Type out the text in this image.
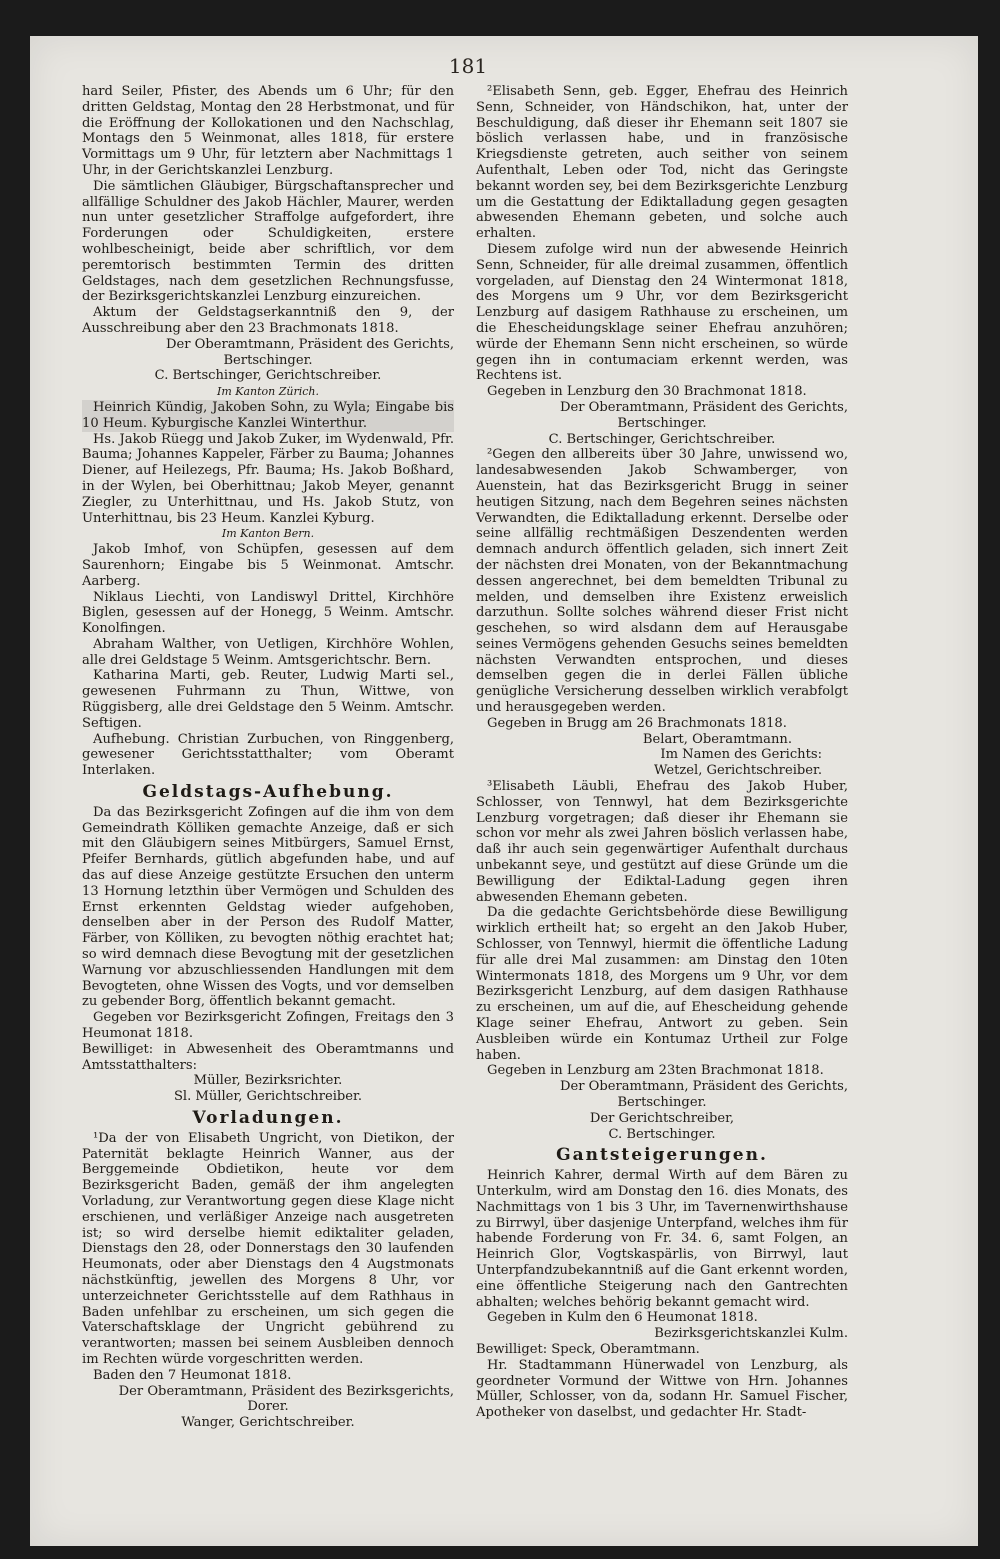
181

hard Seiler, Pfister, des Abends um 6 Uhr; für den dritten Geldstag, Montag den 28 Herbstmonat, und für die Eröffnung der Kollokationen und den Nachschlag, Montags den 5 Weinmonat, alles 1818, für erstere Vormittags um 9 Uhr, für letztern aber Nachmittags 1 Uhr, in der Gerichtskanzlei Lenzburg.

Die sämtlichen Gläubiger, Bürgschaftansprecher und allfällige Schuldner des Jakob Hächler, Maurer, werden nun unter gesetzlicher Straffolge aufgefordert, ihre Forderungen oder Schuldigkeiten, erstere wohlbescheinigt, beide aber schriftlich, vor dem peremtorisch bestimmten Termin des dritten Geldstages, nach dem gesetzlichen Rechnungsfusse, der Bezirksgerichtskanzlei Lenzburg einzureichen.

Aktum der Geldstagserkanntniß den 9, der Ausschreibung aber den 23 Brachmonats 1818.

Der Oberamtmann, Präsident des Gerichts,

Bertschinger.

C. Bertschinger, Gerichtschreiber.

Im Kanton Zürich.

Heinrich Kündig, Jakoben Sohn, zu Wyla; Eingabe bis 10 Heum. Kyburgische Kanzlei Winterthur.

Hs. Jakob Rüegg und Jakob Zuker, im Wydenwald, Pfr. Bauma; Johannes Kappeler, Färber zu Bauma; Johannes Diener, auf Heilezegs, Pfr. Bauma; Hs. Jakob Boßhard, in der Wylen, bei Oberhittnau; Jakob Meyer, genannt Ziegler, zu Unterhittnau, und Hs. Jakob Stutz, von Unterhittnau, bis 23 Heum. Kanzlei Kyburg.

Im Kanton Bern.

Jakob Imhof, von Schüpfen, gesessen auf dem Saurenhorn; Eingabe bis 5 Weinmonat. Amtschr. Aarberg.

Niklaus Liechti, von Landiswyl Drittel, Kirchhöre Biglen, gesessen auf der Honegg, 5 Weinm. Amtschr. Konolfingen.

Abraham Walther, von Uetligen, Kirchhöre Wohlen, alle drei Geldstage 5 Weinm. Amtsgerichtschr. Bern.

Katharina Marti, geb. Reuter, Ludwig Marti sel., gewesenen Fuhrmann zu Thun, Wittwe, von Rüggisberg, alle drei Geldstage den 5 Weinm. Amtschr. Seftigen.

Aufhebung. Christian Zurbuchen, von Ringgenberg, gewesener Gerichtsstatthalter; vom Oberamt Interlaken.

Geldstags-Aufhebung.

Da das Bezirksgericht Zofingen auf die ihm von dem Gemeindrath Kölliken gemachte Anzeige, daß er sich mit den Gläubigern seines Mitbürgers, Samuel Ernst, Pfeifer Bernhards, gütlich abgefunden habe, und auf das auf diese Anzeige gestützte Ersuchen den unterm 13 Hornung letzthin über Vermögen und Schulden des Ernst erkennten Geldstag wieder aufgehoben, denselben aber in der Person des Rudolf Matter, Färber, von Kölliken, zu bevogten nöthig erachtet hat; so wird demnach diese Bevogtung mit der gesetzlichen Warnung vor abzuschliessenden Handlungen mit dem Bevogteten, ohne Wissen des Vogts, und vor demselben zu gebender Borg, öffentlich bekannt gemacht.

Gegeben vor Bezirksgericht Zofingen, Freitags den 3 Heumonat 1818.

Bewilliget: in Abwesenheit des Oberamtmanns und Amtsstatthalters:

Müller, Bezirksrichter.

Sl. Müller, Gerichtschreiber.

Vorladungen.

¹Da der von Elisabeth Ungricht, von Dietikon, der Paternität beklagte Heinrich Wanner, aus der Berggemeinde Obdietikon, heute vor dem Bezirksgericht Baden, gemäß der ihm angelegten Vorladung, zur Verantwortung gegen diese Klage nicht erschienen, und verläßiger Anzeige nach ausgetreten ist; so wird derselbe hiemit ediktaliter geladen, Dienstags den 28, oder Donnerstags den 30 laufenden Heumonats, oder aber Dienstags den 4 Augstmonats nächstkünftig, jewellen des Morgens 8 Uhr, vor unterzeichneter Gerichtsstelle auf dem Rathhaus in Baden unfehlbar zu erscheinen, um sich gegen die Vaterschaftsklage der Ungricht gebührend zu verantworten; massen bei seinem Ausbleiben dennoch im Rechten würde vorgeschritten werden.

Baden den 7 Heumonat 1818.

Der Oberamtmann, Präsident des Bezirksgerichts,

Dorer.

Wanger, Gerichtschreiber.

²Elisabeth Senn, geb. Egger, Ehefrau des Heinrich Senn, Schneider, von Händschikon, hat, unter der Beschuldigung, daß dieser ihr Ehemann seit 1807 sie böslich verlassen habe, und in französische Kriegsdienste getreten, auch seither von seinem Aufenthalt, Leben oder Tod, nicht das Geringste bekannt worden sey, bei dem Bezirksgerichte Lenzburg um die Gestattung der Ediktalladung gegen gesagten abwesenden Ehemann gebeten, und solche auch erhalten.

Diesem zufolge wird nun der abwesende Heinrich Senn, Schneider, für alle dreimal zusammen, öffentlich vorgeladen, auf Dienstag den 24 Wintermonat 1818, des Morgens um 9 Uhr, vor dem Bezirksgericht Lenzburg auf dasigem Rathhause zu erscheinen, um die Ehescheidungsklage seiner Ehefrau anzuhören; würde der Ehemann Senn nicht erscheinen, so würde gegen ihn in contumaciam erkennt werden, was Rechtens ist.

Gegeben in Lenzburg den 30 Brachmonat 1818.

Der Oberamtmann, Präsident des Gerichts,

Bertschinger.

C. Bertschinger, Gerichtschreiber.

²Gegen den allbereits über 30 Jahre, unwissend wo, landesabwesenden Jakob Schwamberger, von Auenstein, hat das Bezirksgericht Brugg in seiner heutigen Sitzung, nach dem Begehren seines nächsten Verwandten, die Ediktalladung erkennt. Derselbe oder seine allfällig rechtmäßigen Deszendenten werden demnach andurch öffentlich geladen, sich innert Zeit der nächsten drei Monaten, von der Bekanntmachung dessen angerechnet, bei dem bemeldten Tribunal zu melden, und demselben ihre Existenz erweislich darzuthun. Sollte solches während dieser Frist nicht geschehen, so wird alsdann dem auf Herausgabe seines Vermögens gehenden Gesuchs seines bemeldten nächsten Verwandten entsprochen, und dieses demselben gegen die in derlei Fällen übliche genügliche Versicherung desselben wirklich verabfolgt und herausgegeben werden.

Gegeben in Brugg am 26 Brachmonats 1818.

Belart, Oberamtmann.

Im Namen des Gerichts:

Wetzel, Gerichtschreiber.

³Elisabeth Läubli, Ehefrau des Jakob Huber, Schlosser, von Tennwyl, hat dem Bezirksgerichte Lenzburg vorgetragen; daß dieser ihr Ehemann sie schon vor mehr als zwei Jahren böslich verlassen habe, daß ihr auch sein gegenwärtiger Aufenthalt durchaus unbekannt seye, und gestützt auf diese Gründe um die Bewilligung der Ediktal-Ladung gegen ihren abwesenden Ehemann gebeten.

Da die gedachte Gerichtsbehörde diese Bewilligung wirklich ertheilt hat; so ergeht an den Jakob Huber, Schlosser, von Tennwyl, hiermit die öffentliche Ladung für alle drei Mal zusammen: am Dinstag den 10ten Wintermonats 1818, des Morgens um 9 Uhr, vor dem Bezirksgericht Lenzburg, auf dem dasigen Rathhause zu erscheinen, um auf die, auf Ehescheidung gehende Klage seiner Ehefrau, Antwort zu geben. Sein Ausbleiben würde ein Kontumaz Urtheil zur Folge haben.

Gegeben in Lenzburg am 23ten Brachmonat 1818.

Der Oberamtmann, Präsident des Gerichts,

Bertschinger.

Der Gerichtschreiber,

C. Bertschinger.

Gantsteigerungen.

Heinrich Kahrer, dermal Wirth auf dem Bären zu Unterkulm, wird am Donstag den 16. dies Monats, des Nachmittags von 1 bis 3 Uhr, im Tavernenwirthshause zu Birrwyl, über dasjenige Unterpfand, welches ihm für habende Forderung von Fr. 34. 6, samt Folgen, an Heinrich Glor, Vogtskaspärlis, von Birrwyl, laut Unterpfandzubekanntniß auf die Gant erkennt worden, eine öffentliche Steigerung nach den Gantrechten abhalten; welches behörig bekannt gemacht wird.

Gegeben in Kulm den 6 Heumonat 1818.

Bezirksgerichtskanzlei Kulm.

Bewilliget: Speck, Oberamtmann.

Hr. Stadtammann Hünerwadel von Lenzburg, als geordneter Vormund der Wittwe von Hrn. Johannes Müller, Schlosser, von da, sodann Hr. Samuel Fischer, Apotheker von daselbst, und gedachter Hr. Stadt-
